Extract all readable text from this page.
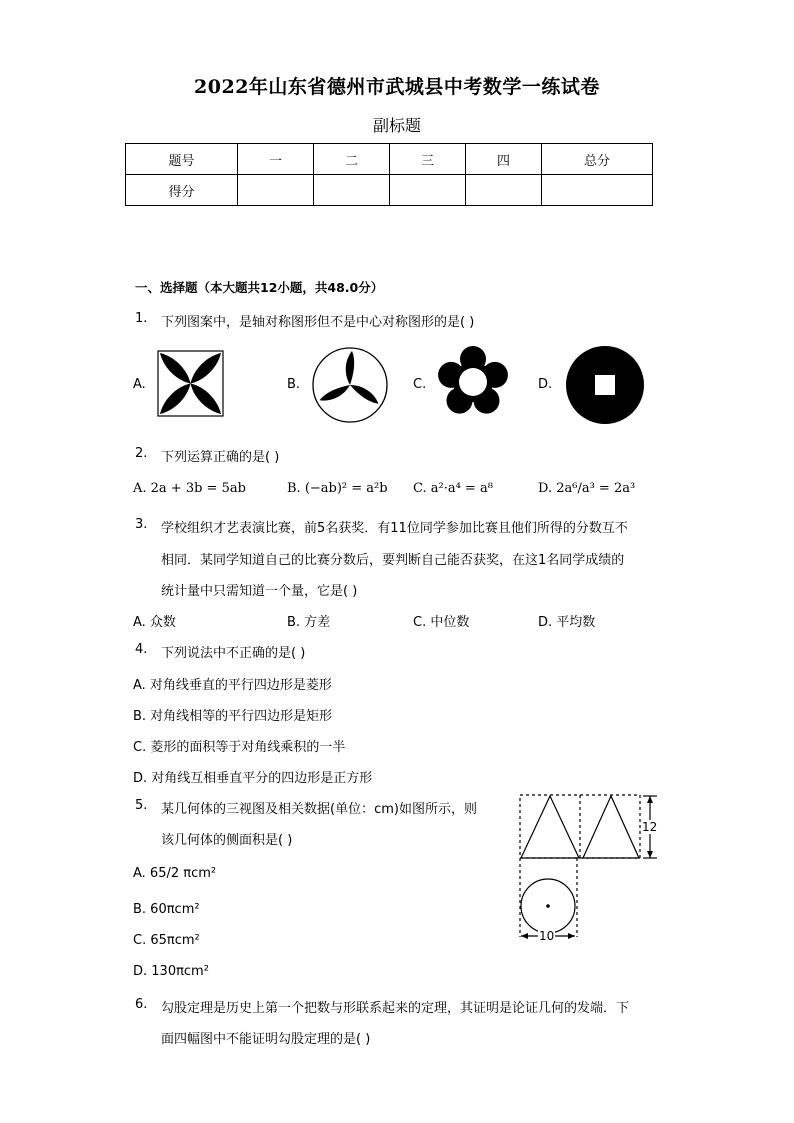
2022年山东省德州市武城县中考数学一练试卷
副标题
题号	一	二	三	四	总分
得分					
一、选择题（本大题共12小题，共48.0分）
1. 下列图案中，是轴对称图形但不是中心对称图形的是( )
A.	B.	C.	D.
2. 下列运算正确的是( )
A. 2a + 3b = 5ab	B. (−ab)² = a²b C. a²·a⁴ = a⁸	D. 2a⁶/a³ = 2a³
3. 学校组织才艺表演比赛，前5名获奖．有11位同学参加比赛且他们所得的分数互不
相同．某同学知道自己的比赛分数后，要判断自己能否获奖，在这1名同学成绩的
统计量中只需知道一个量，它是( )
A. 众数	B. 方差	C. 中位数	D. 平均数
4. 下列说法中不正确的是( )
A. 对角线垂直的平行四边形是菱形
B. 对角线相等的平行四边形是矩形
C. 菱形的面积等于对角线乘积的一半
D. 对角线互相垂直平分的四边形是正方形
5. 某几何体的三视图及相关数据(单位：cm)如图所示，则
该几何体的侧面积是( )
A. 65/2 πcm²
B. 60πcm²
C. 65πcm²
D. 130πcm²
12
10
6. 勾股定理是历史上第一个把数与形联系起来的定理，其证明是论证几何的发端．下
面四幅图中不能证明勾股定理的是( )
